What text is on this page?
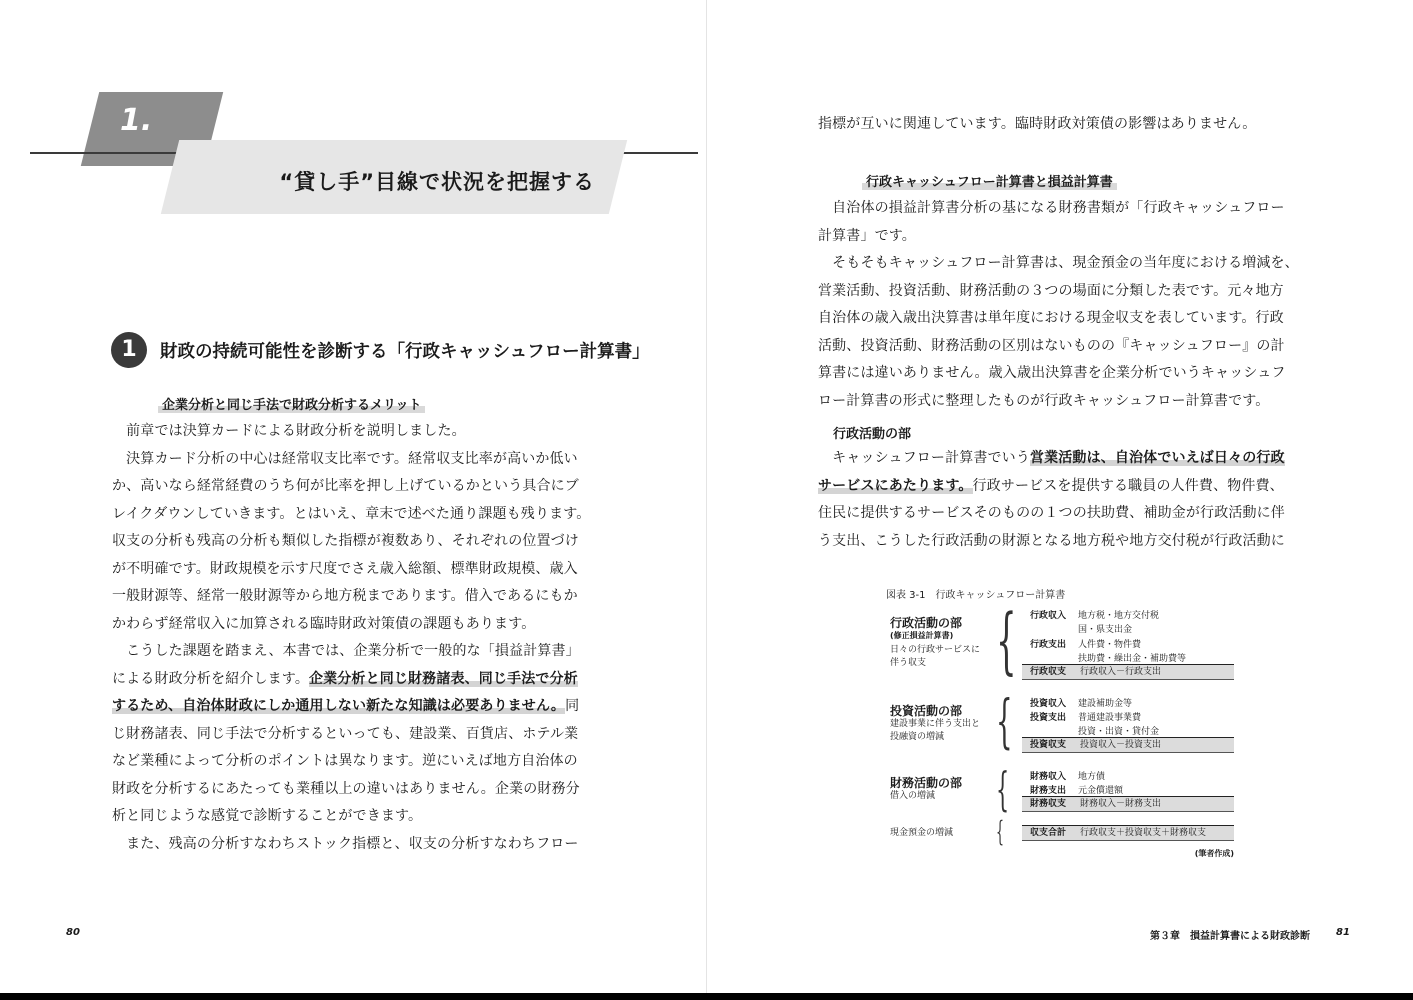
1.
“貸し手”目線で状況を把握する
1	財政の持続可能性を診断する「行政キャッシュフロー計算書」
企業分析と同じ手法で財政分析するメリット

　前章では決算カードによる財政分析を説明しました。

　決算カード分析の中心は経常収支比率です。経常収支比率が高いか低い

か、高いなら経常経費のうち何が比率を押し上げているかという具合にブ

レイクダウンしていきます。とはいえ、章末で述べた通り課題も残ります。

収支の分析も残高の分析も類似した指標が複数あり、それぞれの位置づけ

が不明確です。財政規模を示す尺度でさえ歳入総額、標準財政規模、歳入

一般財源等、経常一般財源等から地方税まであります。借入であるにもか

かわらず経常収入に加算される臨時財政対策債の課題もあります。

　こうした課題を踏まえ、本書では、企業分析で一般的な「損益計算書」

による財政分析を紹介します。企業分析と同じ財務諸表、同じ手法で分析

するため、自治体財政にしか通用しない新たな知識は必要ありません。同

じ財務諸表、同じ手法で分析するといっても、建設業、百貨店、ホテル業

など業種によって分析のポイントは異なります。逆にいえば地方自治体の

財政を分析するにあたっても業種以上の違いはありません。企業の財務分

析と同じような感覚で診断することができます。

　また、残高の分析すなわちストック指標と、収支の分析すなわちフロー

80

指標が互いに関連しています。臨時財政対策債の影響はありません。

行政キャッシュフロー計算書と損益計算書

　自治体の損益計算書分析の基になる財務書類が「行政キャッシュフロー

計算書」です。

　そもそもキャッシュフロー計算書は、現金預金の当年度における増減を、

営業活動、投資活動、財務活動の３つの場面に分類した表です。元々地方

自治体の歳入歳出決算書は単年度における現金収支を表しています。行政

活動、投資活動、財務活動の区別はないものの『キャッシュフロー』の計

算書には違いありません。歳入歳出決算書を企業分析でいうキャッシュフ

ロー計算書の形式に整理したものが行政キャッシュフロー計算書です。

行政活動の部

　キャッシュフロー計算書でいう営業活動は、自治体でいえば日々の行政

サービスにあたります。行政サービスを提供する職員の人件費、物件費、

住民に提供するサービスそのものの１つの扶助費、補助金が行政活動に伴

う支出、こうした行政活動の財源となる地方税や地方交付税が行政活動に

図表 3-1　行政キャッシュフロー計算書
行政活動の部
(修正損益計算書)
日々の行政サービスに
伴う収支 { 行政収入	地方税・地方交付税
国・県支出金
行政支出	人件費・物件費
扶助費・繰出金・補助費等
行政収支 行政収入－行政支出
投資活動の部
建設事業に伴う支出と
投融資の増減 { 投資収入	建設補助金等
投資支出	普通建設事業費
投資・出資・貸付金
投資収支 投資収入－投資支出
財務活動の部
借入の増減 { 財務収入	地方債
財務支出	元金償還額
財務収支 財務収入－財務支出
現金預金の増減 {	収支合計 行政収支＋投資収支＋財務収支
(筆者作成)
第３章　損益計算書による財政診断	81
